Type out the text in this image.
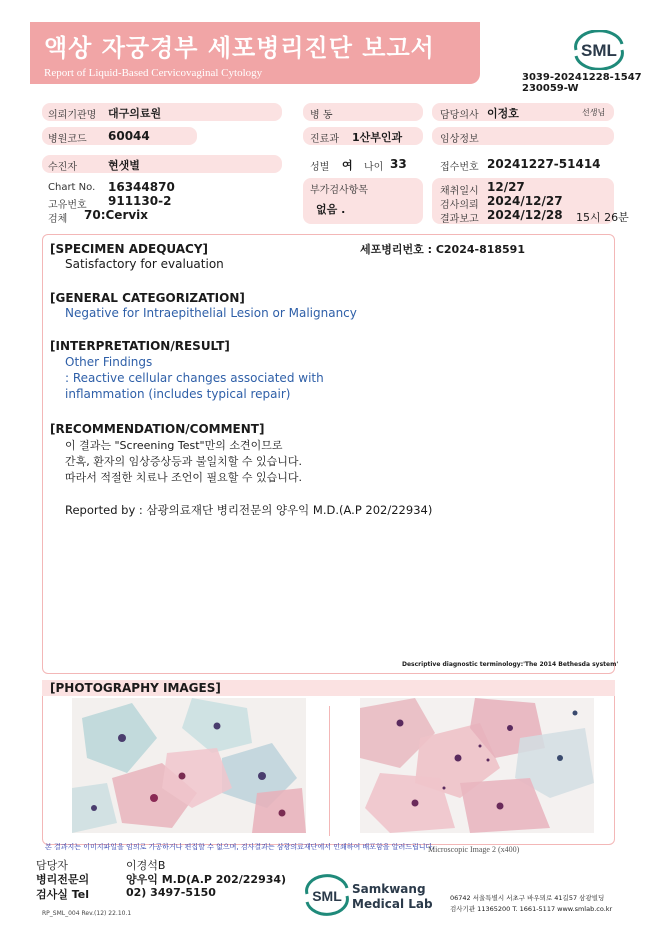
액상 자궁경부 세포병리진단 보고서
Report of Liquid-Based Cervicovaginal Cytology
SML
3039-20241228-1547
230059-W
의뢰기관명 대구의료원	병 동	담당의사 이정호	선생님
병원코드 60044	진료과 1산부인과	임상정보
수진자	현샛별	성별 여 나이 33	접수번호 20241227-51414
Chart No. 16344870
고유번호 911130-2
검체 70:Cervix
부가검사항목
없음 .
채취일시 12/27
검사의뢰 2024/12/27
결과보고 2024/12/28 15시 26분
세포병리번호 : C2024-818591
[SPECIMEN ADEQUACY]
Satisfactory for evaluation
[GENERAL CATEGORIZATION]
Negative for Intraepithelial Lesion or Malignancy
[INTERPRETATION/RESULT]
Other Findings
: Reactive cellular changes associated with
inflammation (includes typical repair)
[RECOMMENDATION/COMMENT]
이 결과는 "Screening Test"만의 소견이므로
간혹, 환자의 임상증상등과 불일치할 수 있습니다.
따라서 적절한 치료나 조언이 필요할 수 있습니다.
Reported by : 삼광의료재단 병리전문의 양우익 M.D.(A.P 202/22934)
Descriptive diagnostic terminology:'The 2014 Bethesda system'
[PHOTOGRAPHY IMAGES]
본 결과지는 이미지파일을 임의로 가공하거나 편집할 수 없으며, 검사결과는 삼광의료재단에서 인쇄하여 배포함을 알려드립니다.
Microscopic Image 2 (x400)
담당자	이경석B
병리전문의	양우익 M.D(A.P 202/22934)
검사실 Tel	02) 3497-5150	SML Samkwang
Medical Lab	06742 서울특별시 서초구 바우뫼로 41길57 삼광빌딩
검사기관 11365200 T. 1661-5117 www.smlab.co.kr
RP_SML_004 Rev.(12) 22.10.1
